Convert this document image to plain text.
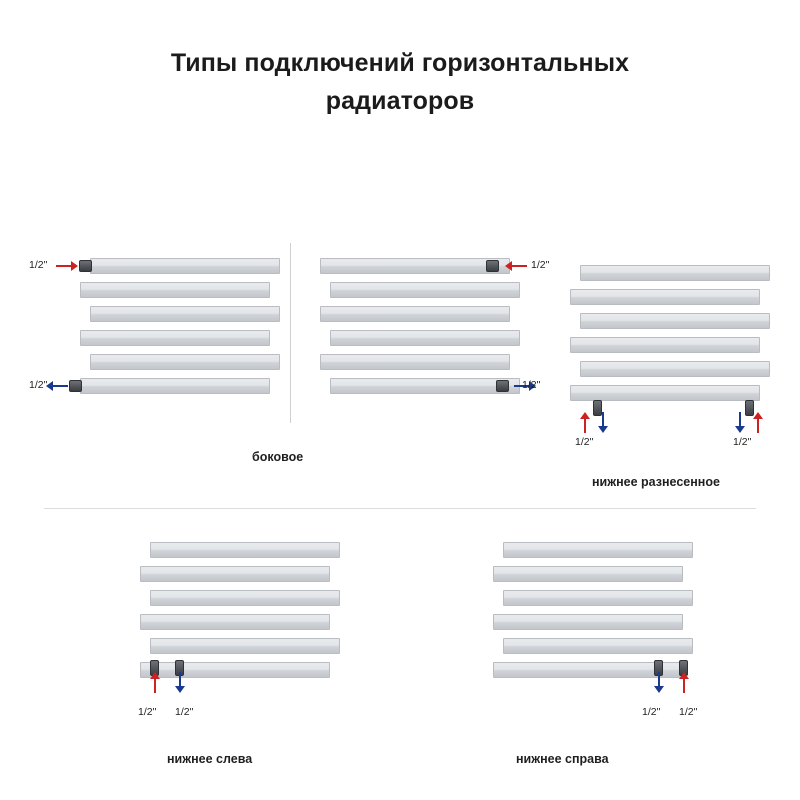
Типы подключений горизонтальных
радиаторов
1/2"
1/2"
1/2"
1/2"
боковое
1/2"	1/2"
нижнее разнесенное
1/2" 1/2"
нижнее слева
1/2" 1/2"
нижнее справа
